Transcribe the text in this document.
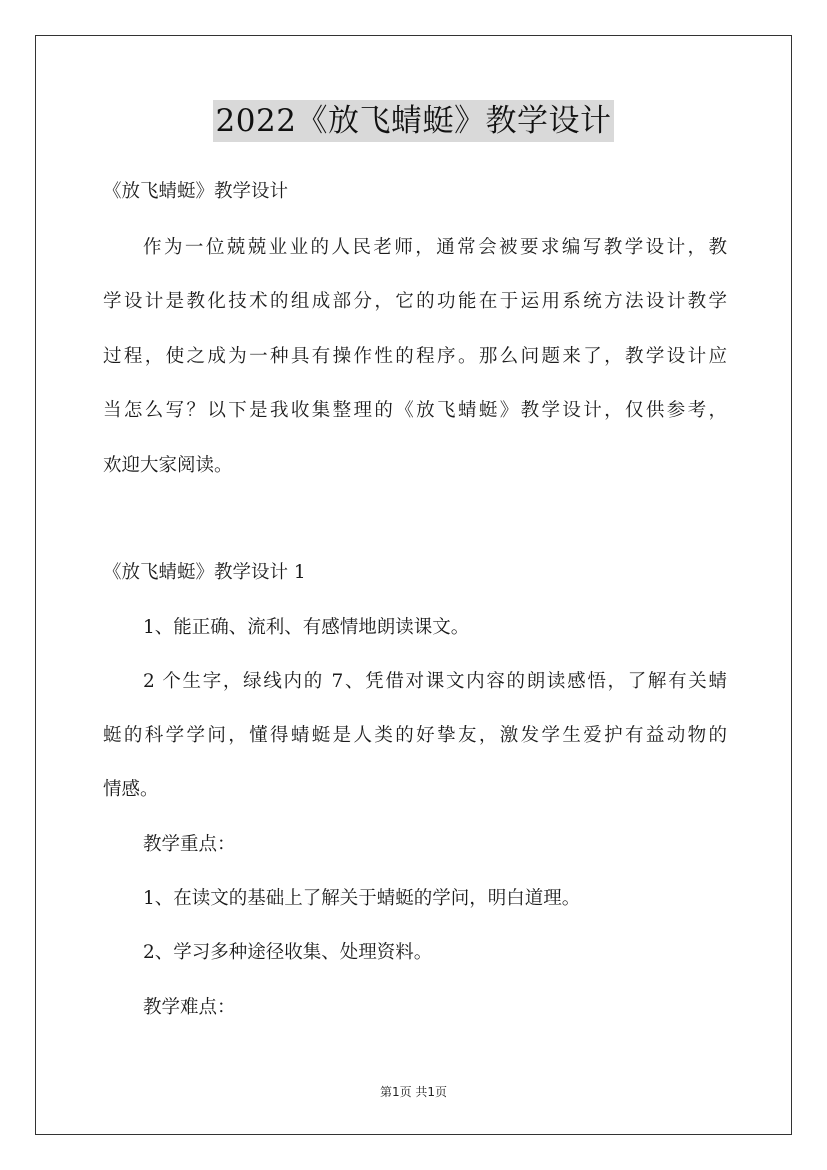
2022《放飞蜻蜓》教学设计
《放飞蜻蜓》教学设计
作为一位兢兢业业的人民老师，通常会被要求编写教学设计，教
学设计是教化技术的组成部分，它的功能在于运用系统方法设计教学
过程，使之成为一种具有操作性的程序。那么问题来了，教学设计应
当怎么写？以下是我收集整理的《放飞蜻蜓》教学设计，仅供参考，
欢迎大家阅读。
《放飞蜻蜓》教学设计 1
1、能正确、流利、有感情地朗读课文。
2 个生字，绿线内的 7、凭借对课文内容的朗读感悟，了解有关蜻
蜓的科学学问，懂得蜻蜓是人类的好挚友，激发学生爱护有益动物的
情感。
教学重点：
1、在读文的基础上了解关于蜻蜓的学问，明白道理。
2、学习多种途径收集、处理资料。
教学难点：
第1页 共1页
